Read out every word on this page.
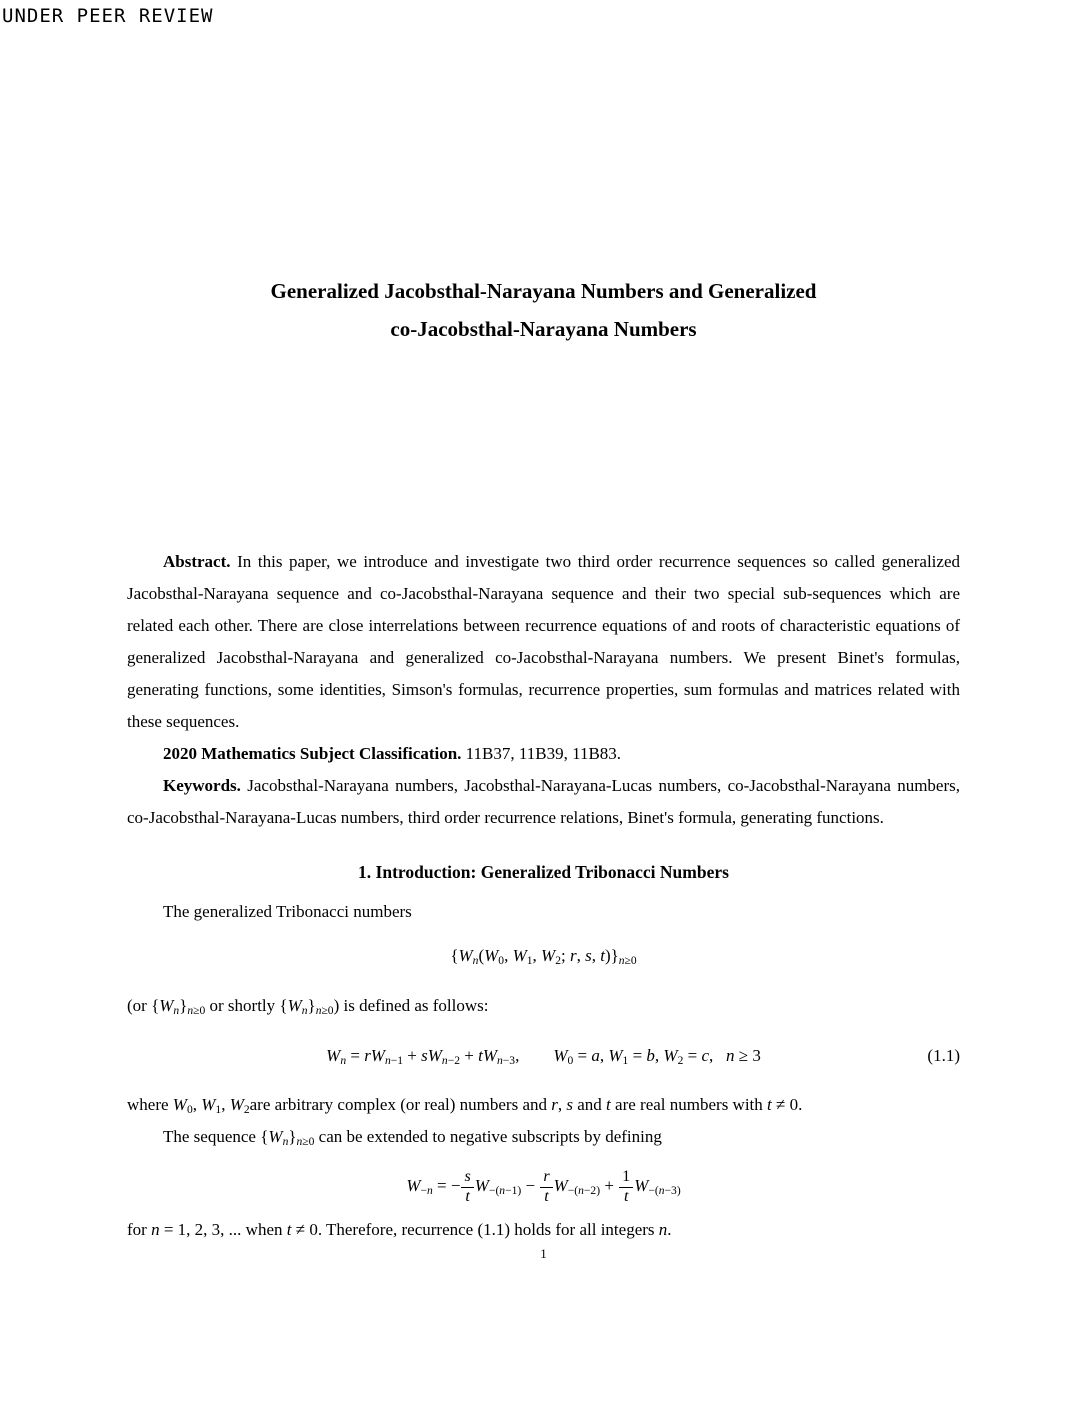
UNDER PEER REVIEW
Generalized Jacobsthal-Narayana Numbers and Generalized
co-Jacobsthal-Narayana Numbers

Abstract. In this paper, we introduce and investigate two third order recurrence sequences so called generalized Jacobsthal-Narayana sequence and co-Jacobsthal-Narayana sequence and their two special sub-sequences which are related each other. There are close interrelations between recurrence equations of and roots of characteristic equations of generalized Jacobsthal-Narayana and generalized co-Jacobsthal-Narayana numbers. We present Binet's formulas, generating functions, some identities, Simson's formulas, recurrence properties, sum formulas and matrices related with these sequences.

2020 Mathematics Subject Classification. 11B37, 11B39, 11B83.

Keywords. Jacobsthal-Narayana numbers, Jacobsthal-Narayana-Lucas numbers, co-Jacobsthal-Narayana numbers, co-Jacobsthal-Narayana-Lucas numbers, third order recurrence relations, Binet's formula, generating functions.

1. Introduction: Generalized Tribonacci Numbers

The generalized Tribonacci numbers

{$W_n(W_0$, $W_1$, $W_2$; r, s, $t)\}_{n\ge 0}$

(or $\{W_n\}_{n\ge 0}$ or shortly $\{W_n\}_{n\ge 0}$) is defined as follows:

$W_n = rW_{n-1} + sW_{n-2} + tW_{n-3}$,  $W_0 = a$, $W_1 = b$, $W_2 = c$,  n ≥ 3	(1.1)

where $W_0$, $W_1$, $W_2are$ arbitrary complex (or real) numbers and r, s and t are real numbers with t ≠ 0.

The sequence $\{W_n\}_{n\ge 0}$ can be extended to negative subscripts by defining

$W_{-n}$ = − $\frac{s}{t} W_{-(n-1)} - \frac{r}{t} W_{-(n-2)} + \frac{1}{t} W_{-(n-3)}$

for n = 1, 2, 3, ... when t ≠ 0. Therefore, recurrence (1.1) holds for all integers n.

1
